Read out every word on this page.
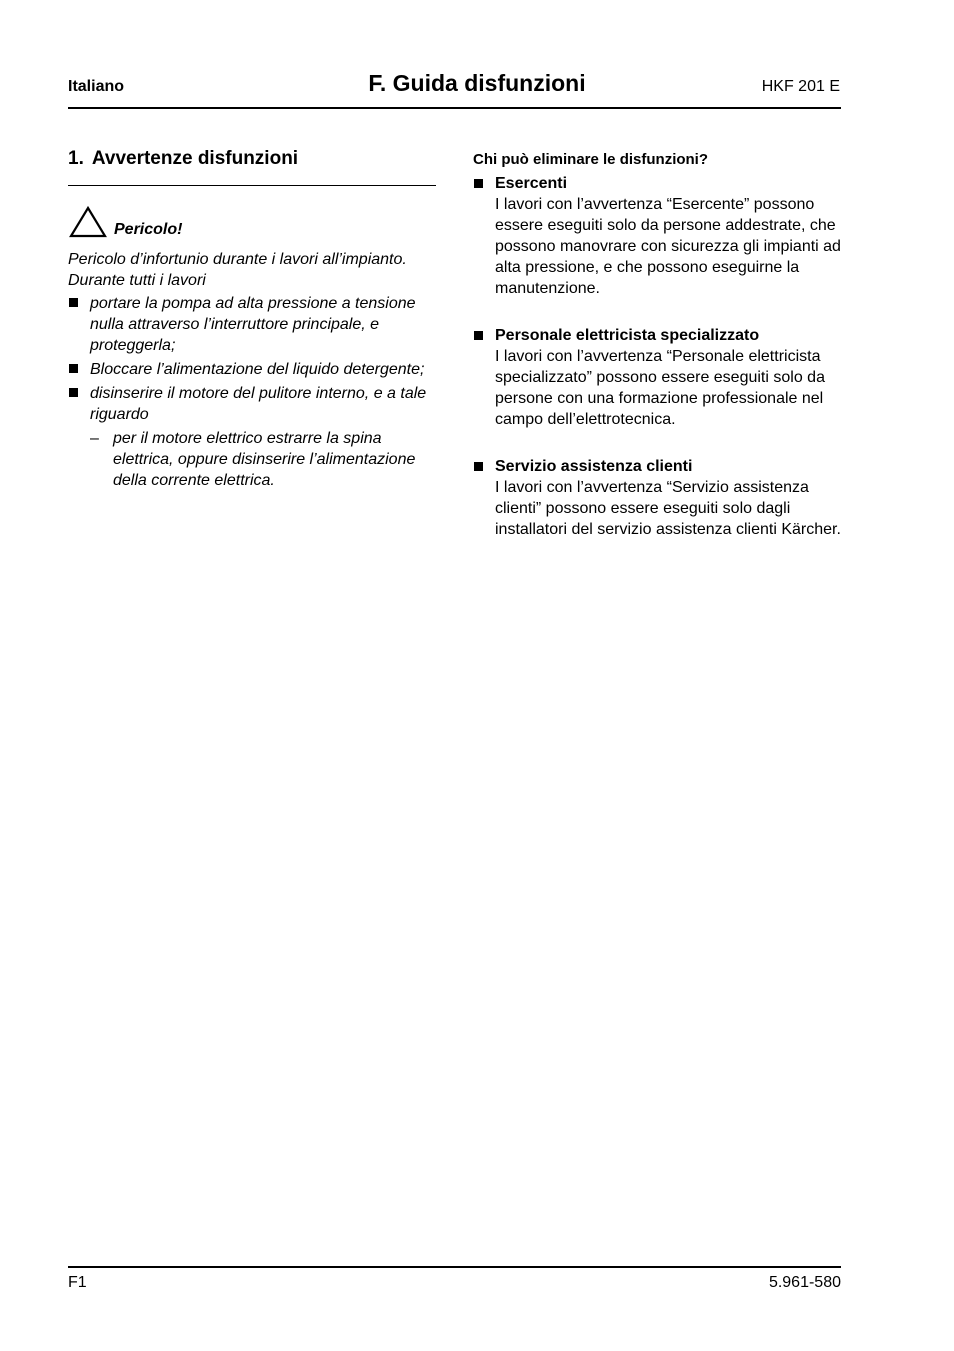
Italiano	F. Guida disfunzioni	HKF 201 E
1. Avvertenze disfunzioni
Pericolo!
Pericolo d’infortunio durante i lavori all’impianto. Durante tutti i lavori
portare la pompa ad alta pressione a tensione nulla attraverso l’interruttore principale, e proteggerla;
Bloccare l’alimentazione del liquido detergente;
disinserire il motore del pulitore interno, e a tale riguardo
– per il motore elettrico estrarre la spina elettrica, oppure disinserire l’alimentazione della corrente elettrica.
Chi può eliminare le disfunzioni?
Esercenti
I lavori con l’avvertenza “Esercente” possono essere eseguiti solo da persone addestrate, che possono manovrare con sicurezza gli impianti ad alta pressione, e che possono eseguirne la manutenzione.
Personale elettricista specializzato
I lavori con l’avvertenza “Personale elettricista specializzato” possono essere eseguiti solo da persone con una formazione professionale nel campo dell’elettrotecnica.
Servizio assistenza clienti
I lavori con l’avvertenza “Servizio assistenza clienti” possono essere eseguiti solo dagli installatori del servizio assistenza clienti Kärcher.
F1	5.961-580
